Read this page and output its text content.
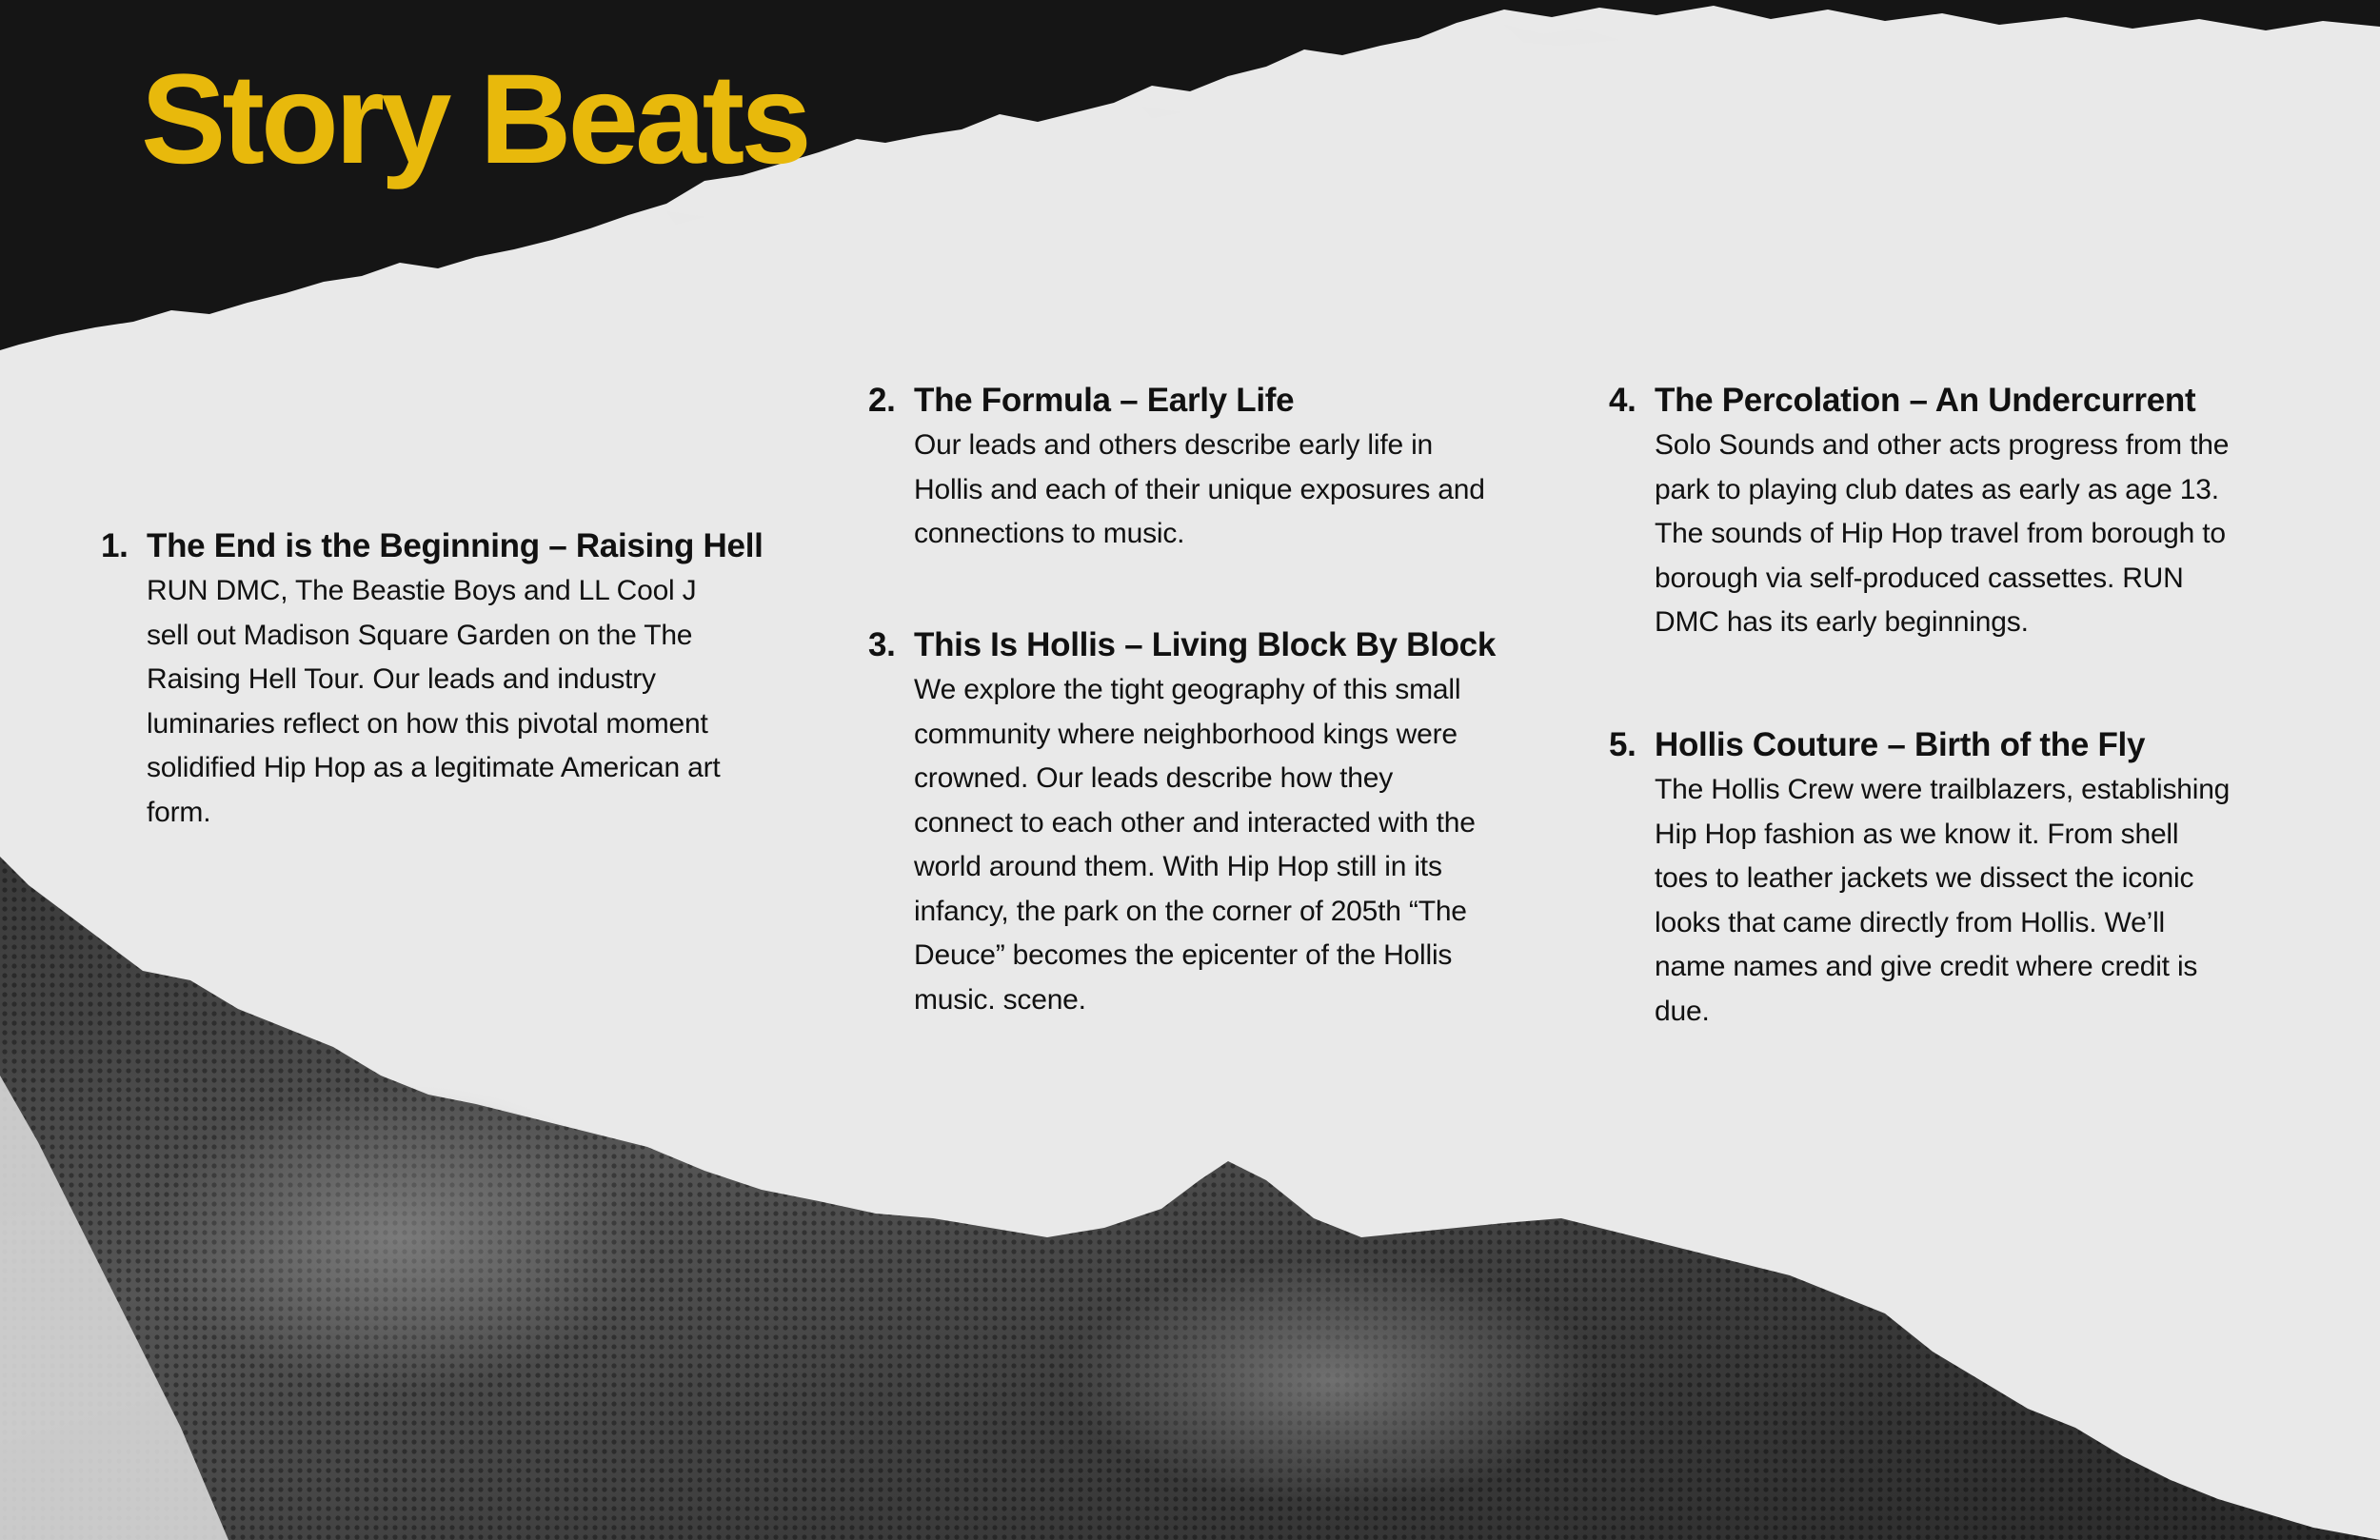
Story Beats
1. The End is the Beginning – Raising Hell

RUN DMC, The Beastie Boys and LL Cool J sell out Madison Square Garden on the The Raising Hell Tour. Our leads and industry luminaries reflect on how this pivotal moment solidified Hip Hop as a legitimate American art form.

2. The Formula – Early Life

Our leads and others describe early life in Hollis and each of their unique exposures and connections to music.

3. This Is Hollis – Living Block By Block

We explore the tight geography of this small community where neighborhood kings were crowned. Our leads describe how they connect to each other and interacted with the world around them. With Hip Hop still in its infancy, the park on the corner of 205th “The Deuce” becomes the epicenter of the Hollis music. scene.

4. The Percolation – An Undercurrent

Solo Sounds and other acts progress from the park to playing club dates as early as age 13. The sounds of Hip Hop travel from borough to borough via self-produced cassettes. RUN DMC has its early beginnings.

5. Hollis Couture – Birth of the Fly

The Hollis Crew were trailblazers, establishing Hip Hop fashion as we know it. From shell toes to leather jackets we dissect the iconic looks that came directly from Hollis. We’ll name names and give credit where credit is due.
